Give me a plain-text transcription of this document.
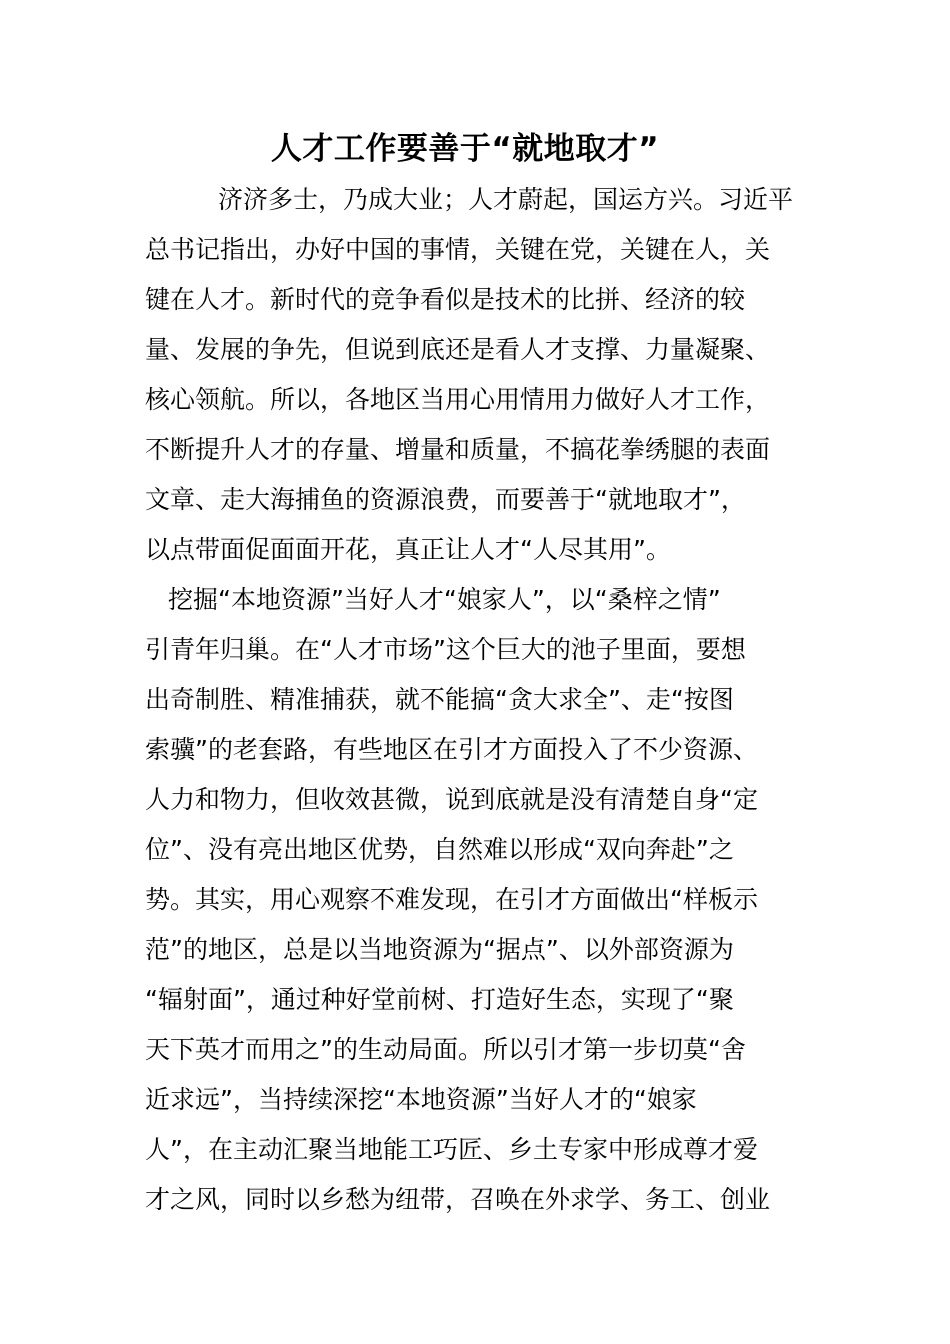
人才工作要善于“就地取才”
济济多士，乃成大业；人才蔚起，国运方兴。习近平
总书记指出，办好中国的事情，关键在党，关键在人，关
键在人才。新时代的竞争看似是技术的比拼、经济的较
量、发展的争先，但说到底还是看人才支撑、力量凝聚、
核心领航。所以，各地区当用心用情用力做好人才工作，
不断提升人才的存量、增量和质量，不搞花拳绣腿的表面
文章、走大海捕鱼的资源浪费，而要善于“就地取才”，
以点带面促面面开花，真正让人才“人尽其用”。
挖掘“本地资源”当好人才“娘家人”，以“桑梓之情”
引青年归巢。在“人才市场”这个巨大的池子里面，要想
出奇制胜、精准捕获，就不能搞“贪大求全”、走“按图
索骥”的老套路，有些地区在引才方面投入了不少资源、
人力和物力，但收效甚微，说到底就是没有清楚自身“定
位”、没有亮出地区优势，自然难以形成“双向奔赴”之
势。其实，用心观察不难发现，在引才方面做出“样板示
范”的地区，总是以当地资源为“据点”、以外部资源为
“辐射面”，通过种好堂前树、打造好生态，实现了“聚
天下英才而用之”的生动局面。所以引才第一步切莫“舍
近求远”，当持续深挖“本地资源”当好人才的“娘家
人”，在主动汇聚当地能工巧匠、乡土专家中形成尊才爱
才之风，同时以乡愁为纽带，召唤在外求学、务工、创业
